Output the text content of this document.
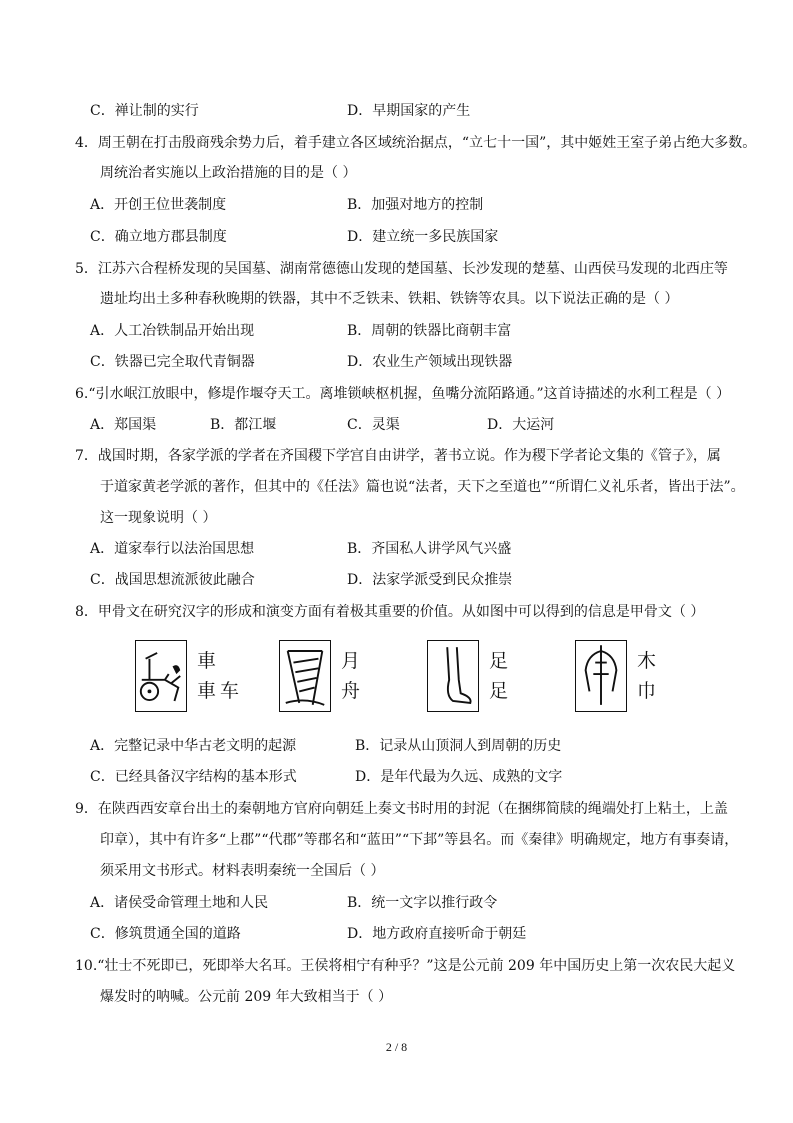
C．禅让制的实行	D．早期国家的产生
4．周王朝在打击殷商残余势力后，着手建立各区域统治据点，“立七十一国”，其中姬姓王室子弟占绝大多数。
周统治者实施以上政治措施的目的是（ ）
A．开创王位世袭制度	B．加强对地方的控制
C．确立地方郡县制度	D．建立统一多民族国家
5．江苏六合程桥发现的吴国墓、湖南常德德山发现的楚国墓、长沙发现的楚墓、山西侯马发现的北西庄等
遗址均出土多种春秋晚期的铁器，其中不乏铁耒、铁耜、铁锛等农具。以下说法正确的是（ ）
A．人工冶铁制品开始出现	B．周朝的铁器比商朝丰富
C．铁器已完全取代青铜器	D．农业生产领域出现铁器
6.“引水岷江放眼中，修堤作堰夺天工。离堆锁峡枢机握，鱼嘴分流陌路通。”这首诗描述的水利工程是（ ）
A．郑国渠	B．都江堰	C．灵渠	D．大运河
7．战国时期，各家学派的学者在齐国稷下学宫自由讲学，著书立说。作为稷下学者论文集的《管子》，属
于道家黄老学派的著作，但其中的《任法》篇也说“法者，天下之至道也”“所谓仁义礼乐者，皆出于法”。
这一现象说明（ ）
A．道家奉行以法治国思想	B．齐国私人讲学风气兴盛
C．战国思想流派彼此融合	D．法家学派受到民众推崇
8．甲骨文在研究汉字的形成和演变方面有着极其重要的价值。从如图中可以得到的信息是甲骨文（ ）
車
車车
月
舟
足
足
木
巾
A．完整记录中华古老文明的起源	B．记录从山顶洞人到周朝的历史
C．已经具备汉字结构的基本形式	D．是年代最为久远、成熟的文字
9．在陕西西安章台出土的秦朝地方官府向朝廷上奏文书时用的封泥（在捆绑简牍的绳端处打上粘土，上盖
印章），其中有许多“上郡”“代郡”等郡名和“蓝田”“下邽”等县名。而《秦律》明确规定，地方有事奏请，
须采用文书形式。材料表明秦统一全国后（ ）
A．诸侯受命管理土地和人民	B．统一文字以推行政令
C．修筑贯通全国的道路	D．地方政府直接听命于朝廷
10.“壮士不死即已，死即举大名耳。王侯将相宁有种乎？”这是公元前 209 年中国历史上第一次农民大起义
爆发时的呐喊。公元前 209 年大致相当于（ ）
2 / 8
